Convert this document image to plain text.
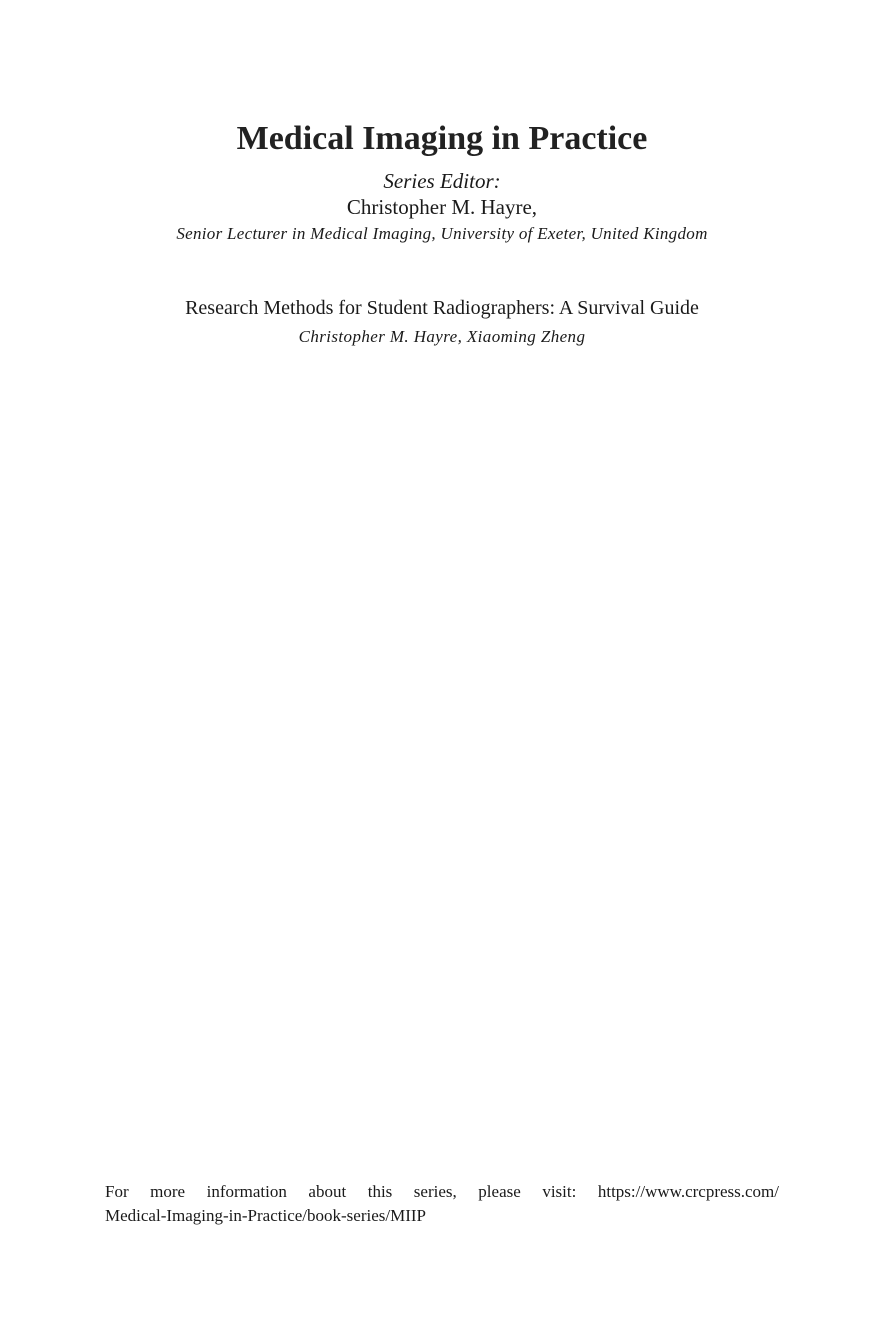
Medical Imaging in Practice
Series Editor:
Christopher M. Hayre,
Senior Lecturer in Medical Imaging, University of Exeter, United Kingdom
Research Methods for Student Radiographers: A Survival Guide
Christopher M. Hayre, Xiaoming Zheng
For more information about this series, please visit: https://www.crcpress.com/
Medical-Imaging-in-Practice/book-series/MIIP
